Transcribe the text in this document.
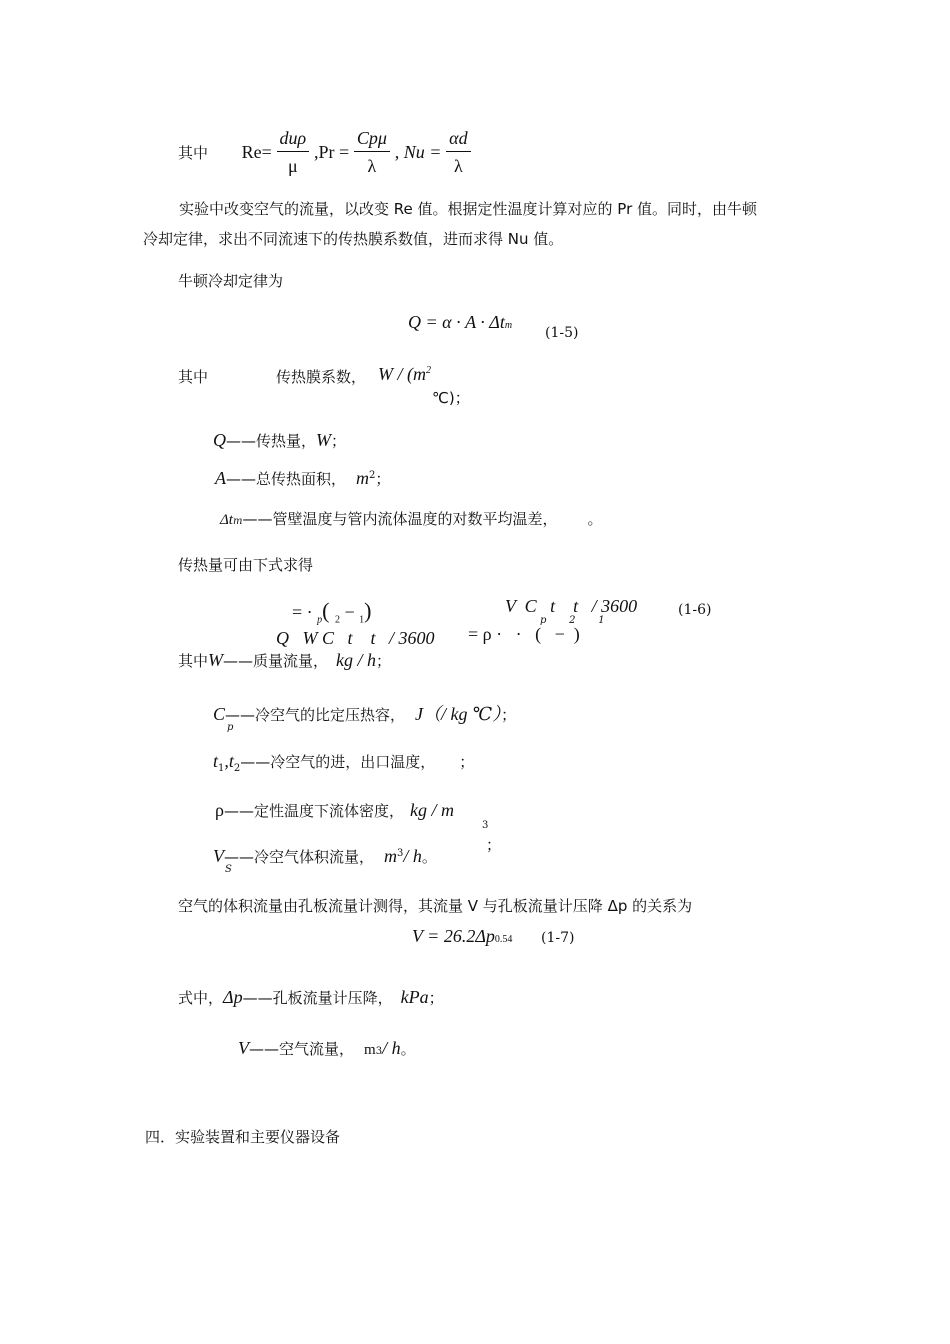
其中 $Re= \frac{\text{duρ}}{\mu} ,Pr = \frac{\text{Cpμ}}{\lambda}$ , $Nu = \frac{\alpha d}{\lambda}$
实验中改变空气的流量，以改变 Re 值。根据定性温度计算对应的 Pr 值。同时，由牛顿
冷却定律，求出不同流速下的传热膜系数值，进而求得 Nu 值。
牛顿冷却定律为
Q = α · A · Δtm (1-5)
其中	传热膜系数， W / ($m^2$
℃)；
Q——传热量，W；
A——总传热面积， $m^2$；
Δtm——管壁温度与管内流体温度的对数平均温差， 。
传热量可由下式求得
= · $_p$( $_2$ − $_1$)	V  C   t    t   / 3600
p    2    1
(1-6)
Q   W C   t    t   / 3600 = ρ ·   ·   (   −  )
其中W——质量流量， kg / h；
C——冷空气的比定压热容， J（/ kg ℃）；
p
$t_1,t_2——$冷空气的进，出口温度， ；
ρ——定性温度下流体密度， kg / m
3
；
V——冷空气体积流量， $m^3/$ h。
S
空气的体积流量由孔板流量计测得，其流量 V 与孔板流量计压降 Δp 的关系为
V = 26.2Δp0.54 (1-7)
式中，Δp——孔板流量计压降， kPa；
V——空气流量， m3/ h。
四．实验装置和主要仪器设备
